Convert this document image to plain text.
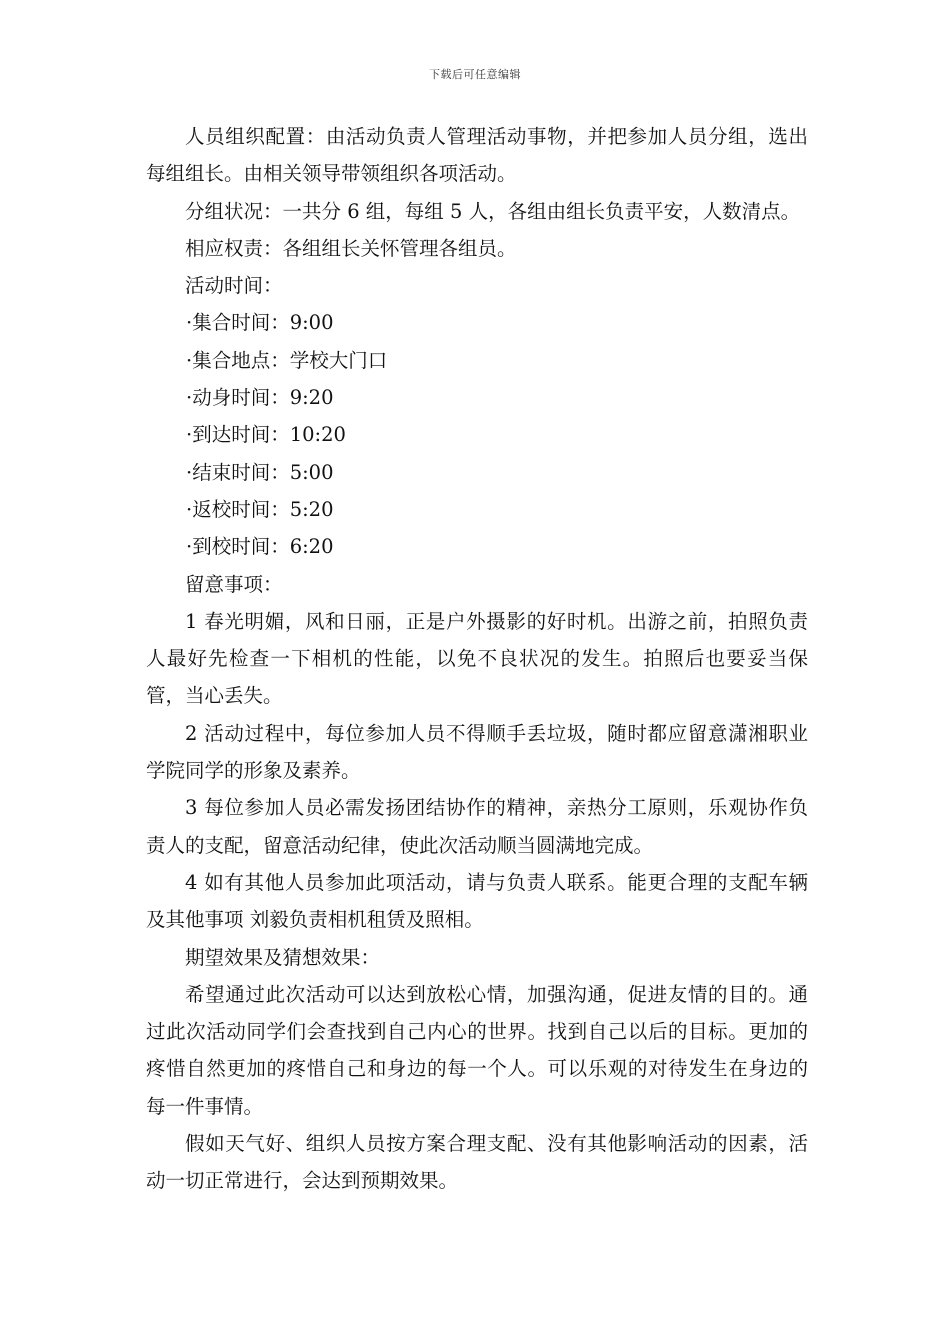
下载后可任意编辑

人员组织配置：由活动负责人管理活动事物，并把参加人员分组，选出每组组长。由相关领导带领组织各项活动。

分组状况：一共分 6 组，每组 5 人，各组由组长负责平安，人数清点。

相应权责：各组组长关怀管理各组员。

活动时间：

·集合时间：9:00

·集合地点：学校大门口

·动身时间：9:20

·到达时间：10:20

·结束时间：5:00

·返校时间：5:20

·到校时间：6:20

留意事项：

1 春光明媚，风和日丽，正是户外摄影的好时机。出游之前，拍照负责人最好先检查一下相机的性能，以免不良状况的发生。拍照后也要妥当保管，当心丢失。

2 活动过程中，每位参加人员不得顺手丢垃圾，随时都应留意潇湘职业学院同学的形象及素养。

3 每位参加人员必需发扬团结协作的精神，亲热分工原则，乐观协作负责人的支配，留意活动纪律，使此次活动顺当圆满地完成。

4 如有其他人员参加此项活动，请与负责人联系。能更合理的支配车辆及其他事项 刘毅负责相机租赁及照相。

期望效果及猜想效果：

希望通过此次活动可以达到放松心情，加强沟通，促进友情的目的。通过此次活动同学们会查找到自己内心的世界。找到自己以后的目标。更加的疼惜自然更加的疼惜自己和身边的每一个人。可以乐观的对待发生在身边的每一件事情。

假如天气好、组织人员按方案合理支配、没有其他影响活动的因素，活动一切正常进行，会达到预期效果。
